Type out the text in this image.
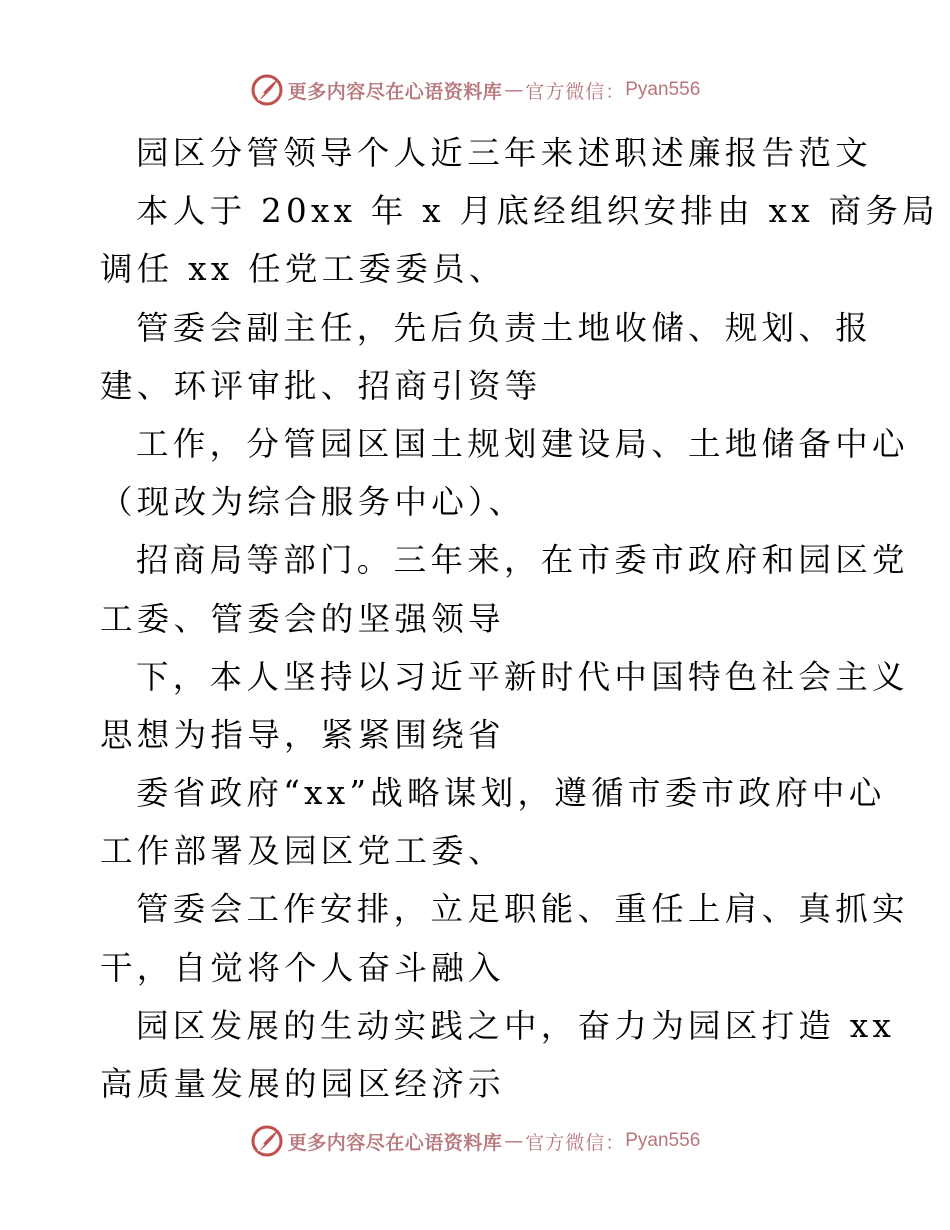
更多内容尽在心语资料库 — 官方微信： Pyan556
园区分管领导个人近三年来述职述廉报告范文
本人于 20xx 年 x 月底经组织安排由 xx 商务局
调任 xx 任党工委委员、
管委会副主任，先后负责土地收储、规划、报
建、环评审批、招商引资等
工作，分管园区国土规划建设局、土地储备中心
（现改为综合服务中心）、
招商局等部门。三年来，在市委市政府和园区党
工委、管委会的坚强领导
下，本人坚持以习近平新时代中国特色社会主义
思想为指导，紧紧围绕省
委省政府“xx”战略谋划，遵循市委市政府中心
工作部署及园区党工委、
管委会工作安排，立足职能、重任上肩、真抓实
干，自觉将个人奋斗融入
园区发展的生动实践之中，奋力为园区打造 xx
高质量发展的园区经济示
更多内容尽在心语资料库 — 官方微信： Pyan556
